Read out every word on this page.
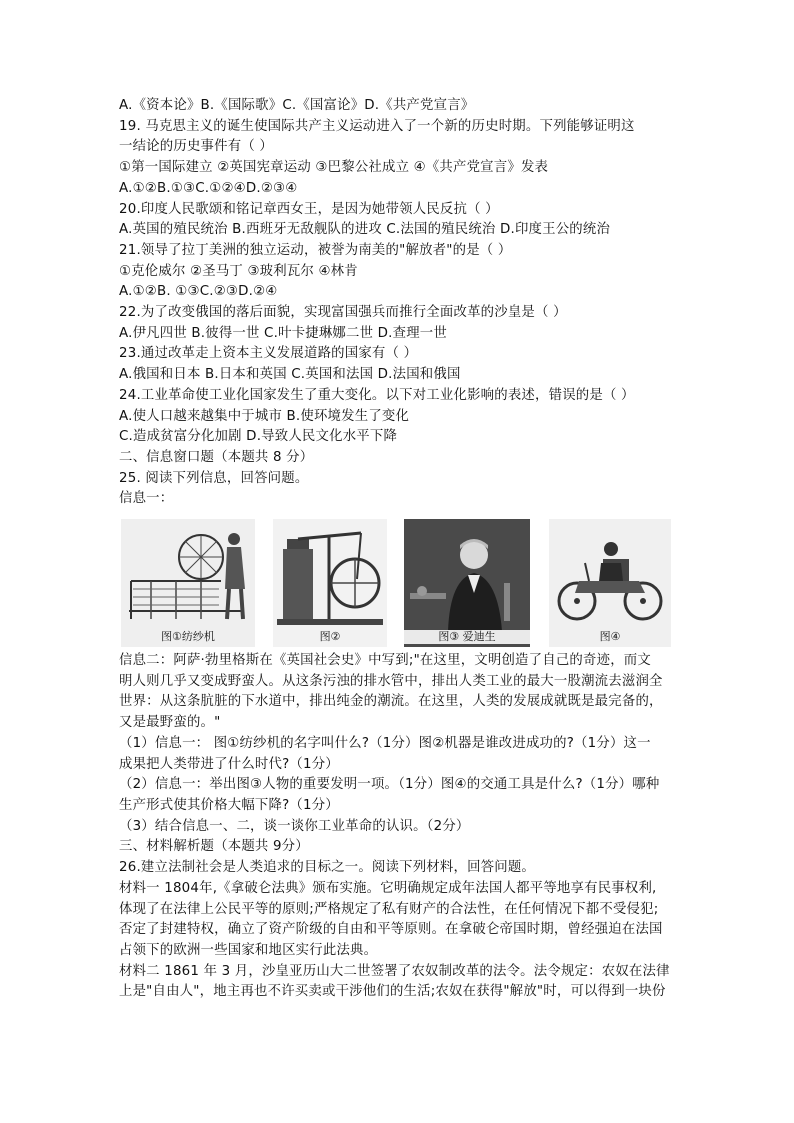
A.《资本论》B.《国际歌》C.《国富论》D.《共产党宣言》
19. 马克思主义的诞生使国际共产主义运动进入了一个新的历史时期。下列能够证明这
一结论的历史事件有（ ）
①第一国际建立 ②英国宪章运动 ③巴黎公社成立 ④《共产党宣言》发表
A.①②B.①③C.①②④D.②③④
20.印度人民歌颂和铭记章西女王，是因为她带领人民反抗（ ）
A.英国的殖民统治 B.西班牙无敌舰队的进攻 C.法国的殖民统治 D.印度王公的统治
21.领导了拉丁美洲的独立运动，被誉为南美的"解放者"的是（ ）
①克伦威尔 ②圣马丁 ③玻利瓦尔 ④林肯
A.①②B. ①③C.②③D.②④
22.为了改变俄国的落后面貌，实现富国强兵而推行全面改革的沙皇是（ ）
A.伊凡四世 B.彼得一世 C.叶卡捷琳娜二世 D.查理一世
23.通过改革走上资本主义发展道路的国家有（ ）
A.俄国和日本 B.日本和英国 C.英国和法国 D.法国和俄国
24.工业革命使工业化国家发生了重大变化。以下对工业化影响的表述，错误的是（ ）
A.使人口越来越集中于城市 B.使环境发生了变化
C.造成贫富分化加剧 D.导致人民文化水平下降
二、信息窗口题（本题共 8 分）
25. 阅读下列信息，回答问题。
信息一：
图①纺纱机	图②	图③ 爱迪生	图④
信息二：阿萨·勃里格斯在《英国社会史》中写到;"在这里，文明创造了自己的奇迹，而文
明人则几乎又变成野蛮人。从这条污浊的排水管中，排出人类工业的最大一股潮流去滋润全
世界：从这条肮脏的下水道中，排出纯金的潮流。在这里，人类的发展成就既是最完备的，
又是最野蛮的。"
（1）信息一： 图①纺纱机的名字叫什么?（1分）图②机器是谁改进成功的?（1分）这一
成果把人类带进了什么时代?（1分）
（2）信息一：举出图③人物的重要发明一项。（1分）图④的交通工具是什么?（1分）哪种
生产形式使其价格大幅下降?（1分）
（3）结合信息一、二，谈一谈你工业革命的认识。（2分）
三、材料解析题（本题共 9分）
26.建立法制社会是人类追求的目标之一。阅读下列材料，回答问题。
材料一 1804年,《拿破仑法典》颁布实施。它明确规定成年法国人都平等地享有民事权利,
体现了在法律上公民平等的原则;严格规定了私有财产的合法性，在任何情况下都不受侵犯;
否定了封建特权，确立了资产阶级的自由和平等原则。在拿破仑帝国时期，曾经强迫在法国
占领下的欧洲一些国家和地区实行此法典。
材料二 1861 年 3 月，沙皇亚历山大二世签署了农奴制改革的法令。法令规定：农奴在法律
上是"自由人"，地主再也不许买卖或干涉他们的生活;农奴在获得"解放"时，可以得到一块份
